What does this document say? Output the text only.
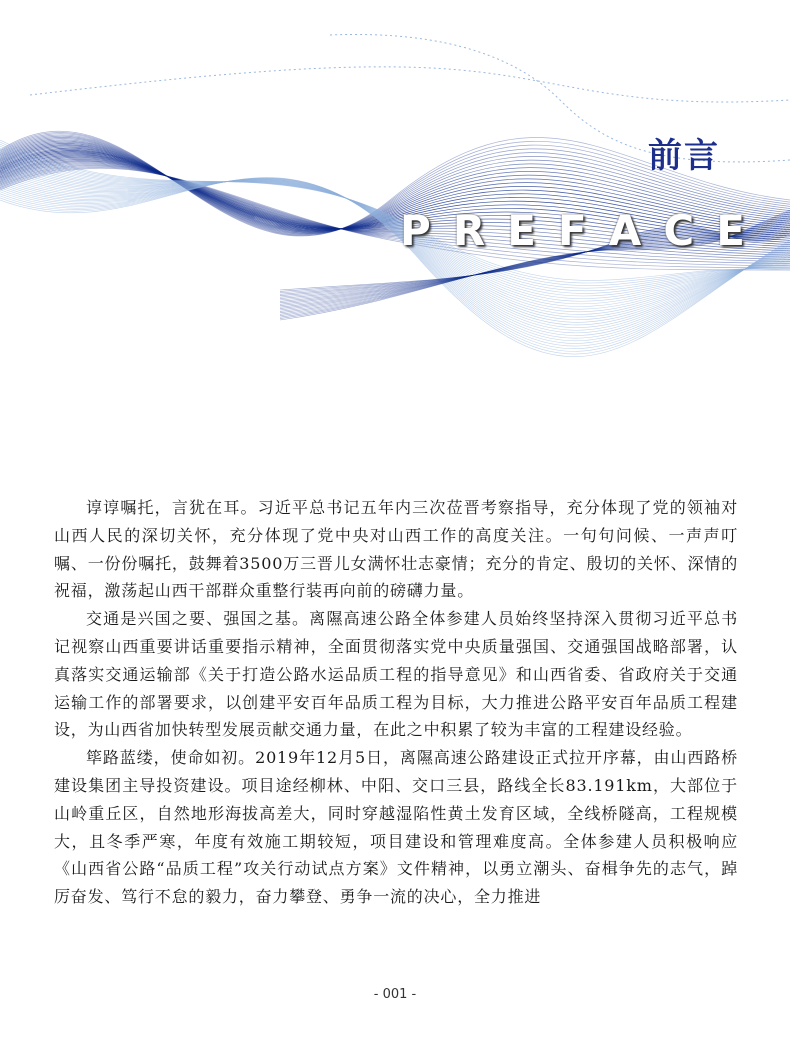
前言
P R E F A C E

谆谆嘱托，言犹在耳。习近平总书记五年内三次莅晋考察指导，充分体现了党的领袖对山西人民的深切关怀，充分体现了党中央对山西工作的高度关注。一句句问候、一声声叮嘱、一份份嘱托，鼓舞着3500万三晋儿女满怀壮志豪情；充分的肯定、殷切的关怀、深情的祝福，激荡起山西干部群众重整行装再向前的磅礴力量。

交通是兴国之要、强国之基。离隰高速公路全体参建人员始终坚持深入贯彻习近平总书记视察山西重要讲话重要指示精神，全面贯彻落实党中央质量强国、交通强国战略部署，认真落实交通运输部《关于打造公路水运品质工程的指导意见》和山西省委、省政府关于交通运输工作的部署要求，以创建平安百年品质工程为目标，大力推进公路平安百年品质工程建设，为山西省加快转型发展贡献交通力量，在此之中积累了较为丰富的工程建设经验。

筚路蓝缕，使命如初。2019年12月5日，离隰高速公路建设正式拉开序幕，由山西路桥建设集团主导投资建设。项目途经柳林、中阳、交口三县，路线全长83.191km，大部位于山岭重丘区，自然地形海拔高差大，同时穿越湿陷性黄土发育区域，全线桥隧高，工程规模大，且冬季严寒，年度有效施工期较短，项目建设和管理难度高。全体参建人员积极响应《山西省公路“品质工程”攻关行动试点方案》文件精神，以勇立潮头、奋楫争先的志气，踔厉奋发、笃行不怠的毅力，奋力攀登、勇争一流的决心，全力推进

- 001 -
